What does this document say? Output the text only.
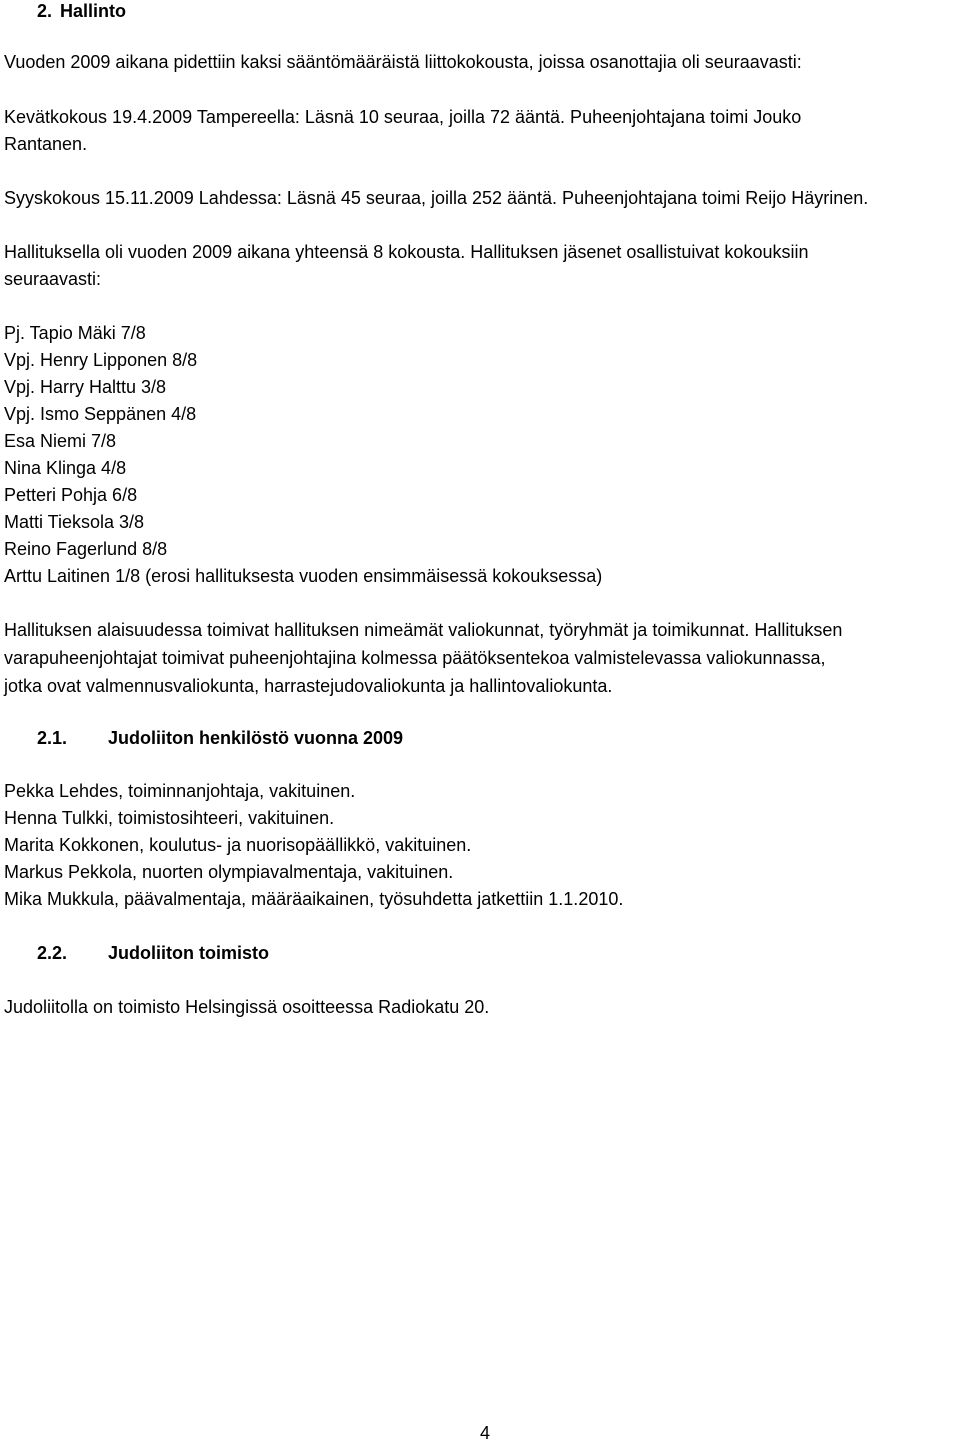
2. Hallinto
Vuoden 2009 aikana pidettiin kaksi sääntömääräistä liittokokousta, joissa osanottajia oli seuraavasti:
Kevätkokous 19.4.2009 Tampereella: Läsnä 10 seuraa, joilla 72 ääntä. Puheenjohtajana toimi Jouko
Rantanen.
Syyskokous 15.11.2009 Lahdessa: Läsnä 45 seuraa, joilla 252 ääntä. Puheenjohtajana toimi Reijo Häyrinen.
Hallituksella oli vuoden 2009 aikana yhteensä 8 kokousta. Hallituksen jäsenet osallistuivat kokouksiin
seuraavasti:
Pj. Tapio Mäki 7/8
Vpj. Henry Lipponen 8/8
Vpj. Harry Halttu 3/8
Vpj. Ismo Seppänen 4/8
Esa Niemi 7/8
Nina Klinga 4/8
Petteri Pohja 6/8
Matti Tieksola 3/8
Reino Fagerlund 8/8
Arttu Laitinen 1/8 (erosi hallituksesta vuoden ensimmäisessä kokouksessa)
Hallituksen alaisuudessa toimivat hallituksen nimeämät valiokunnat, työryhmät ja toimikunnat. Hallituksen
varapuheenjohtajat toimivat puheenjohtajina kolmessa päätöksentekoa valmistelevassa valiokunnassa,
jotka ovat valmennusvaliokunta, harrastejudovaliokunta ja hallintovaliokunta.
2.1. Judoliiton henkilöstö vuonna 2009
Pekka Lehdes, toiminnanjohtaja, vakituinen.
Henna Tulkki, toimistosihteeri, vakituinen.
Marita Kokkonen, koulutus- ja nuorisopäällikkö, vakituinen.
Markus Pekkola, nuorten olympiavalmentaja, vakituinen.
Mika Mukkula, päävalmentaja, määräaikainen, työsuhdetta jatkettiin 1.1.2010.
2.2. Judoliiton toimisto
Judoliitolla on toimisto Helsingissä osoitteessa Radiokatu 20.
4
